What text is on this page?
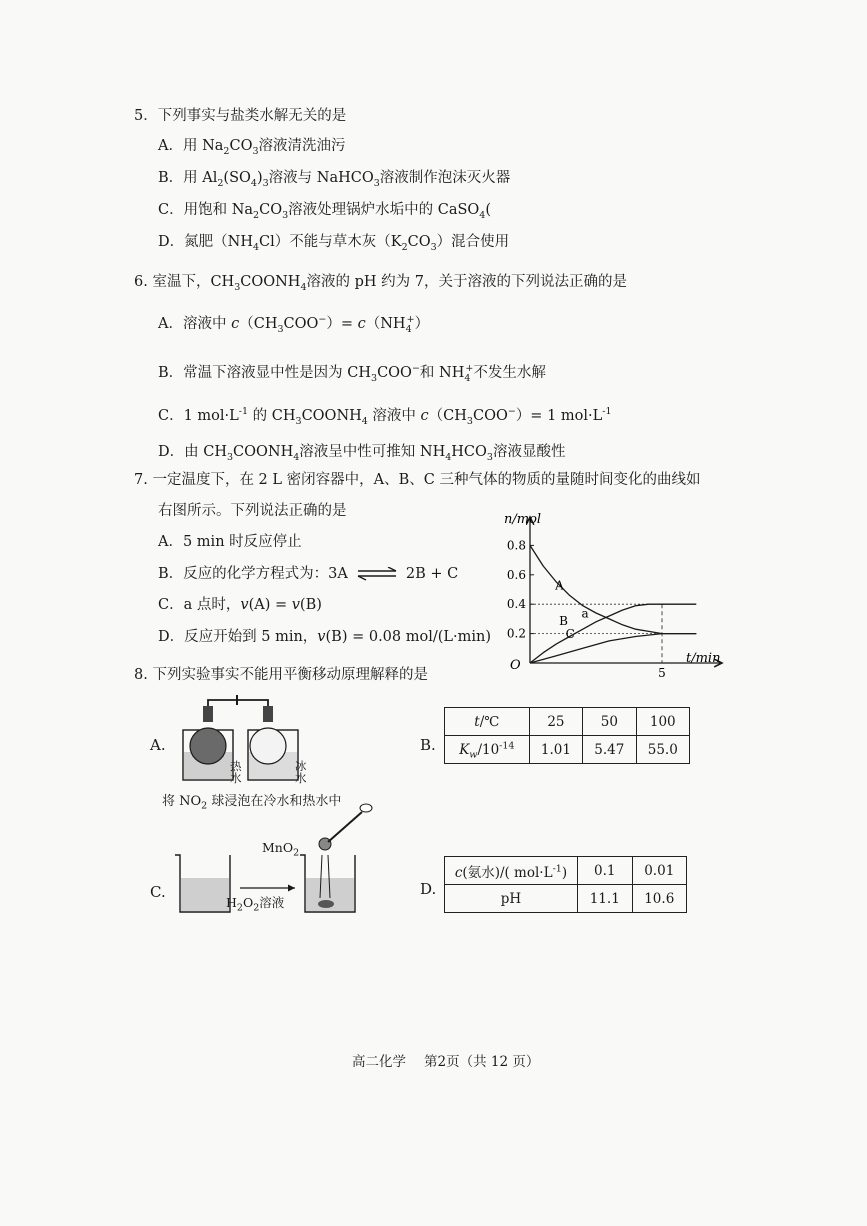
5．下列事实与盐类水解无关的是
A．用 $Na_2CO_3$溶液清洗油污
B．用 $Al_2(SO_4)_3$溶液与 NaHCO$_3$溶液制作泡沫灭火器
C．用饱和 $Na_2CO_3$溶液处理锅炉水垢中的 CaSO$_4$(
D．氮肥$(NH_4Cl)$不能与草木灰$(K_2CO_3)$混合使用
6. 室温下，$CH_3COONH_4$溶液的 pH 约为 7，关于溶液的下列说法正确的是
A．溶液中 $c(CH_3COO^-)= c(NH_4^+)$
B．常温下溶液显中性是因为 $CH_3COO^-$和 $NH_4^+$不发生水解
C．1 $mol\cdot L^{-1}$ 的 $CH_3COONH_4$ 溶液中 $c(CH_3COO^-)= 1$ $mol\cdot L^{-1}$
D．由 $CH_3COONH_4$溶液呈中性可推知 $NH_4HCO_3$溶液显酸性
7. 一定温度下，在 2 L 密闭容器中，A、B、C 三种气体的物质的量随时间变化的曲线如
右图所示。下列说法正确的是
A．5 min 时反应停止
B．反应的化学方程式为：3A ⇌ 2B + C
C．a 点时，v(A) = v(B)
D．反应开始到 5 min，v(B) = 0.08 mol/(L·min)
A
B
C
a
0.2
0.4
0.6
0.8
5
n/mol
t/min
O
8. 下列实验事实不能用平衡移动原理解释的是
A.
热水
冰水
将 $NO_2$ 球浸泡在冷水和热水中
B.
t/℃	25	50	100
$K_w/10^{-14}$	1.01	5.47	55.0
C.
MnO$_2$
$H_2O_2$溶液
D.
c(氨水)/( $mol\cdot L^{-1}$)	0.1	0.01
pH	11.1	10.6
高二化学 第2页（共 12 页）
